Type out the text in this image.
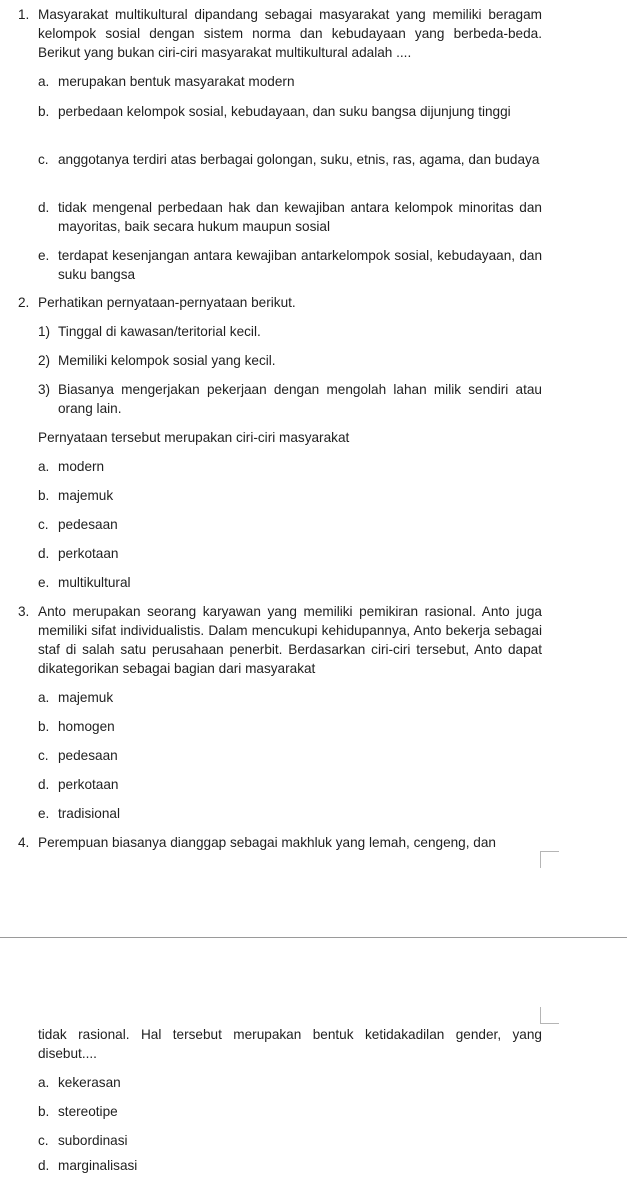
1. Masyarakat multikultural dipandang sebagai masyarakat yang memiliki beragam kelompok sosial dengan sistem norma dan kebudayaan yang berbeda-beda. Berikut yang bukan ciri-ciri masyarakat multikultural adalah ....
a. merupakan bentuk masyarakat modern
b. perbedaan kelompok sosial, kebudayaan, dan suku bangsa dijunjung tinggi
c. anggotanya terdiri atas berbagai golongan, suku, etnis, ras, agama, dan budaya
d. tidak mengenal perbedaan hak dan kewajiban antara kelompok minoritas dan mayoritas, baik secara hukum maupun sosial
e. terdapat kesenjangan antara kewajiban antarkelompok sosial, kebudayaan, dan suku bangsa
2. Perhatikan pernyataan-pernyataan berikut.
1) Tinggal di kawasan/teritorial kecil.
2) Memiliki kelompok sosial yang kecil.
3) Biasanya mengerjakan pekerjaan dengan mengolah lahan milik sendiri atau orang lain.
Pernyataan tersebut merupakan ciri-ciri masyarakat
a. modern
b. majemuk
c. pedesaan
d. perkotaan
e. multikultural
3. Anto merupakan seorang karyawan yang memiliki pemikiran rasional. Anto juga memiliki sifat individualistis. Dalam mencukupi kehidupannya, Anto bekerja sebagai staf di salah satu perusahaan penerbit. Berdasarkan ciri-ciri tersebut, Anto dapat dikategorikan sebagai bagian dari masyarakat
a. majemuk
b. homogen
c. pedesaan
d. perkotaan
e. tradisional
4. Perempuan biasanya dianggap sebagai makhluk yang lemah, cengeng, dan
tidak rasional. Hal tersebut merupakan bentuk ketidakadilan gender, yang disebut....
a. kekerasan
b. stereotipe
c. subordinasi
d. marginalisasi
